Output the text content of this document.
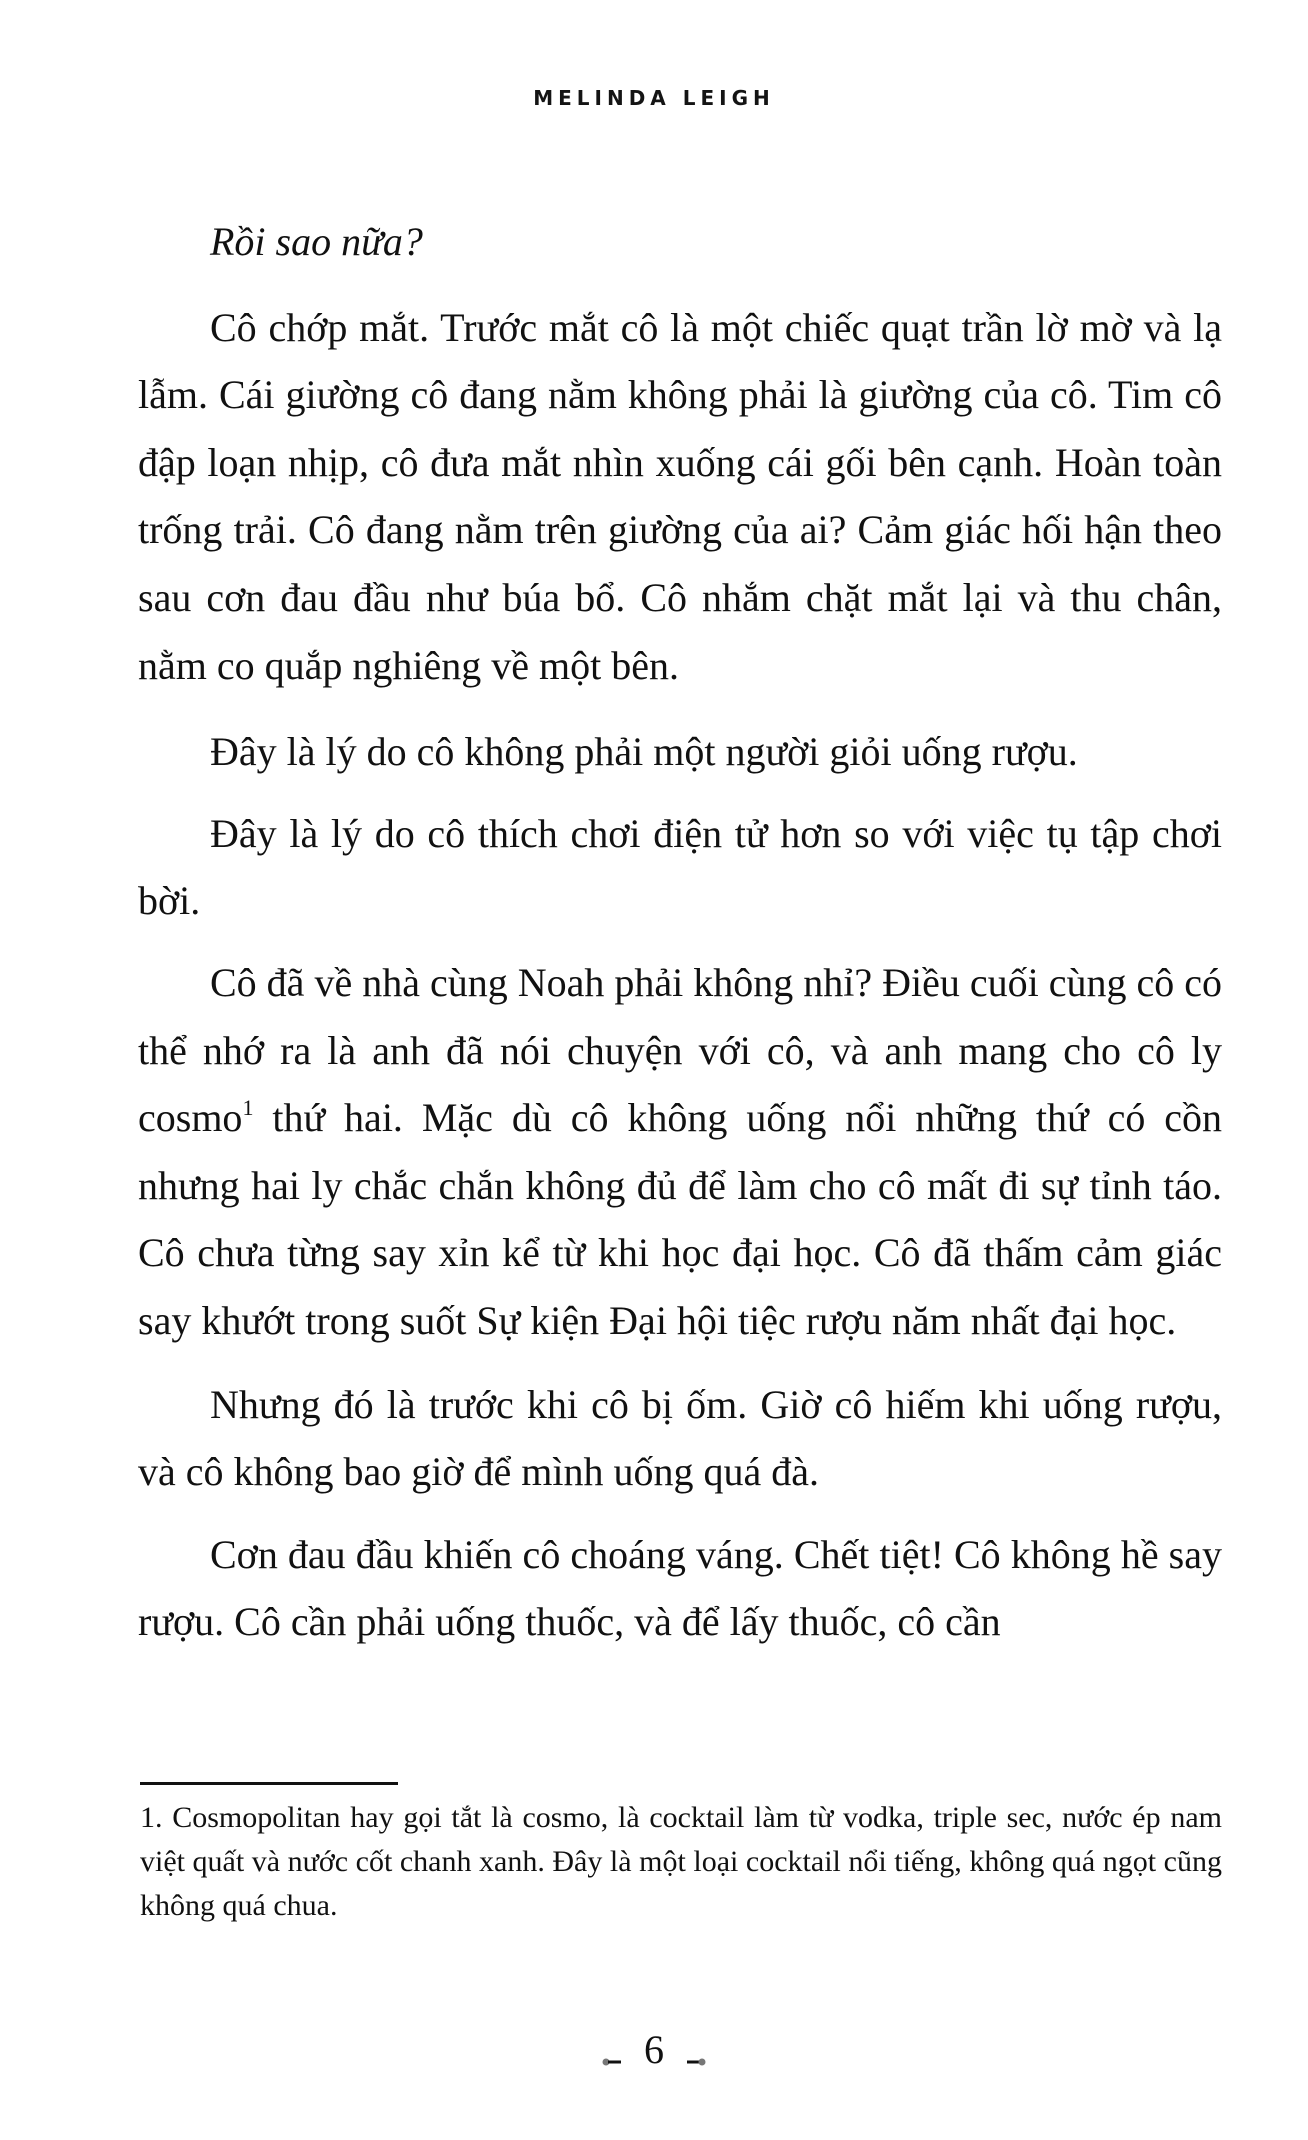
MELINDA LEIGH

Rồi sao nữa?

Cô chớp mắt. Trước mắt cô là một chiếc quạt trần lờ mờ và lạ lẫm. Cái giường cô đang nằm không phải là giường của cô. Tim cô đập loạn nhịp, cô đưa mắt nhìn xuống cái gối bên cạnh. Hoàn toàn trống trải. Cô đang nằm trên giường của ai? Cảm giác hối hận theo sau cơn đau đầu như búa bổ. Cô nhắm chặt mắt lại và thu chân, nằm co quắp nghiêng về một bên.

Đây là lý do cô không phải một người giỏi uống rượu.

Đây là lý do cô thích chơi điện tử hơn so với việc tụ tập chơi bời.

Cô đã về nhà cùng Noah phải không nhỉ? Điều cuối cùng cô có thể nhớ ra là anh đã nói chuyện với cô, và anh mang cho cô ly cosmo$^1$ thứ hai. Mặc dù cô không uống nổi những thứ có cồn nhưng hai ly chắc chắn không đủ để làm cho cô mất đi sự tỉnh táo. Cô chưa từng say xỉn kể từ khi học đại học. Cô đã thấm cảm giác say khướt trong suốt Sự kiện Đại hội tiệc rượu năm nhất đại học.

Nhưng đó là trước khi cô bị ốm. Giờ cô hiếm khi uống rượu, và cô không bao giờ để mình uống quá đà.

Cơn đau đầu khiến cô choáng váng. Chết tiệt! Cô không hề say rượu. Cô cần phải uống thuốc, và để lấy thuốc, cô cần

1. Cosmopolitan hay gọi tắt là cosmo, là cocktail làm từ vodka, triple sec, nước ép nam việt quất và nước cốt chanh xanh. Đây là một loại cocktail nổi tiếng, không quá ngọt cũng không quá chua.

6
